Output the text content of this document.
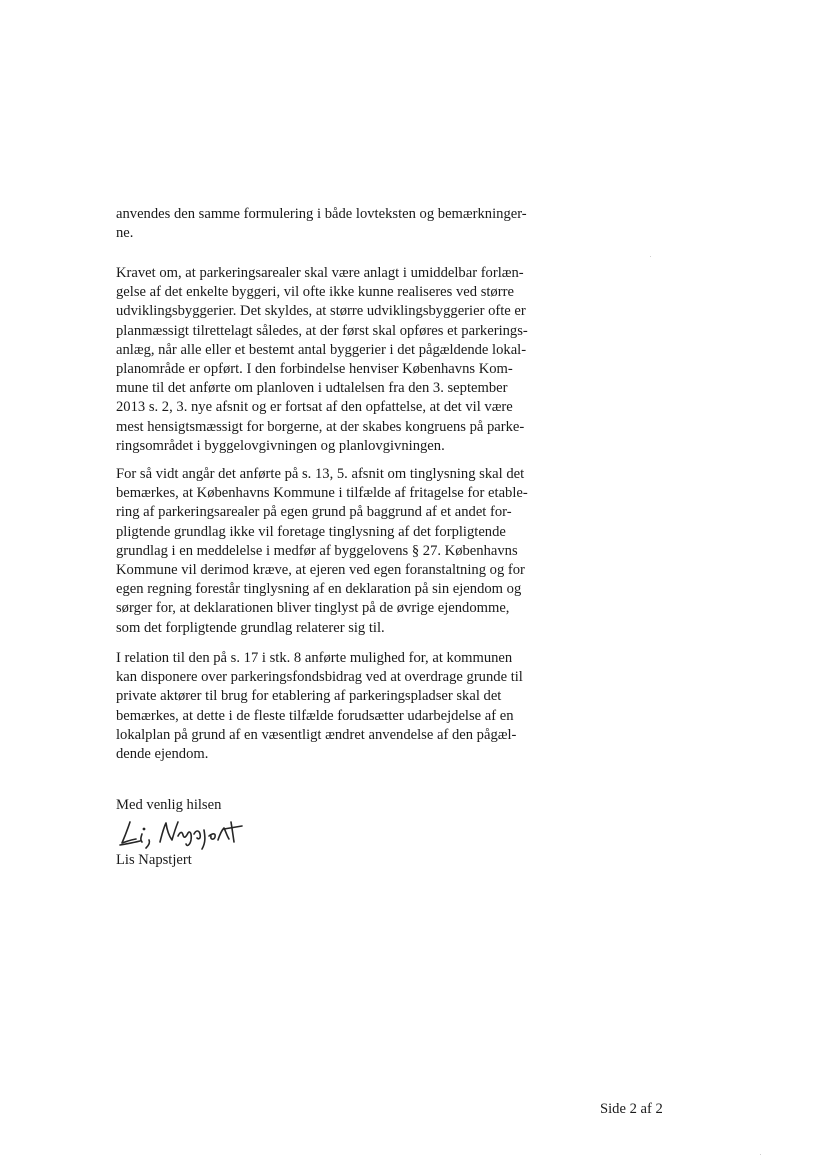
anvendes den samme formulering i både lovteksten og bemærkninger-
ne.

Kravet om, at parkeringsarealer skal være anlagt i umiddelbar forlæn-
gelse af det enkelte byggeri, vil ofte ikke kunne realiseres ved større
udviklingsbyggerier. Det skyldes, at større udviklingsbyggerier ofte er
planmæssigt tilrettelagt således, at der først skal opføres et parkerings-
anlæg, når alle eller et bestemt antal byggerier i det pågældende lokal-
planområde er opført. I den forbindelse henviser Københavns Kom-
mune til det anførte om planloven i udtalelsen fra den 3. september
2013 s. 2, 3. nye afsnit og er fortsat af den opfattelse, at det vil være
mest hensigtsmæssigt for borgerne, at der skabes kongruens på parke-
ringsområdet i byggelovgivningen og planlovgivningen.

For så vidt angår det anførte på s. 13, 5. afsnit om tinglysning skal det
bemærkes, at Københavns Kommune i tilfælde af fritagelse for etable-
ring af parkeringsarealer på egen grund på baggrund af et andet for-
pligtende grundlag ikke vil foretage tinglysning af det forpligtende
grundlag i en meddelelse i medfør af byggelovens § 27. Københavns
Kommune vil derimod kræve, at ejeren ved egen foranstaltning og for
egen regning forestår tinglysning af en deklaration på sin ejendom og
sørger for, at deklarationen bliver tinglyst på de øvrige ejendomme,
som det forpligtende grundlag relaterer sig til.

I relation til den på s. 17 i stk. 8 anførte mulighed for, at kommunen
kan disponere over parkeringsfondsbidrag ved at overdrage grunde til
private aktører til brug for etablering af parkeringspladser skal det
bemærkes, at dette i de fleste tilfælde forudsætter udarbejdelse af en
lokalplan på grund af en væsentligt ændret anvendelse af den pågæl-
dende ejendom.

Med venlig hilsen

Lis Napstjert

Side 2 af 2
